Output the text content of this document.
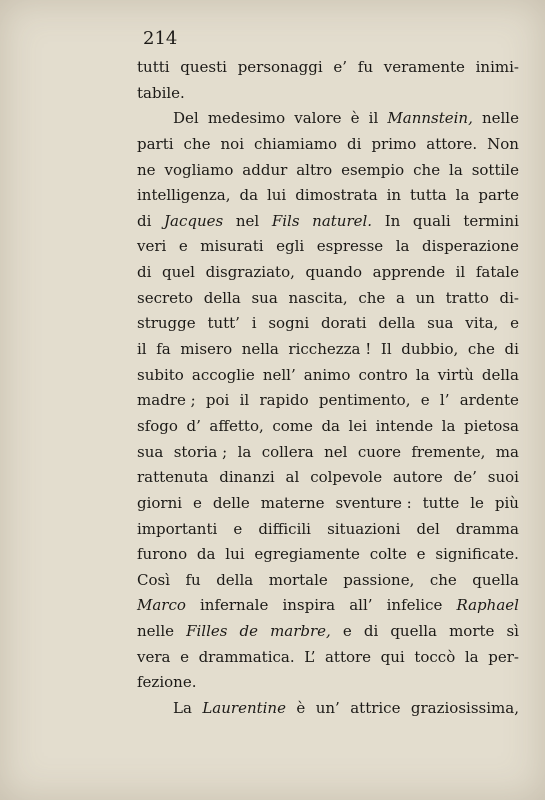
214

tutti questi personaggi e’ fu veramente inimi-
tabile.
Del medesimo valore è il Mannstein, nelle
parti che noi chiamiamo di primo attore. Non
ne vogliamo addur altro esempio che la sottile
intelligenza, da lui dimostrata in tutta la parte
di Jacques nel Fils naturel. In quali termini
veri e misurati egli espresse la disperazione
di quel disgraziato, quando apprende il fatale
secreto della sua nascita, che a un tratto di-
strugge tutt’ i sogni dorati della sua vita, e
il fa misero nella ricchezza ! Il dubbio, che di
subito accoglie nell’ animo contro la virtù della
madre ; poi il rapido pentimento, e l’ ardente
sfogo d’ affetto, come da lei intende la pietosa
sua storia ; la collera nel cuore fremente, ma
rattenuta dinanzi al colpevole autore de’ suoi
giorni e delle materne sventure : tutte le più
importanti e difficili situazioni del dramma
furono da lui egregiamente colte e significate.
Così fu della mortale passione, che quella
Marco infernale inspira all’ infelice Raphael
nelle Filles de marbre, e di quella morte sì
vera e drammatica. L’ attore qui toccò la per-
fezione.
La Laurentine è un’ attrice graziosissima,
